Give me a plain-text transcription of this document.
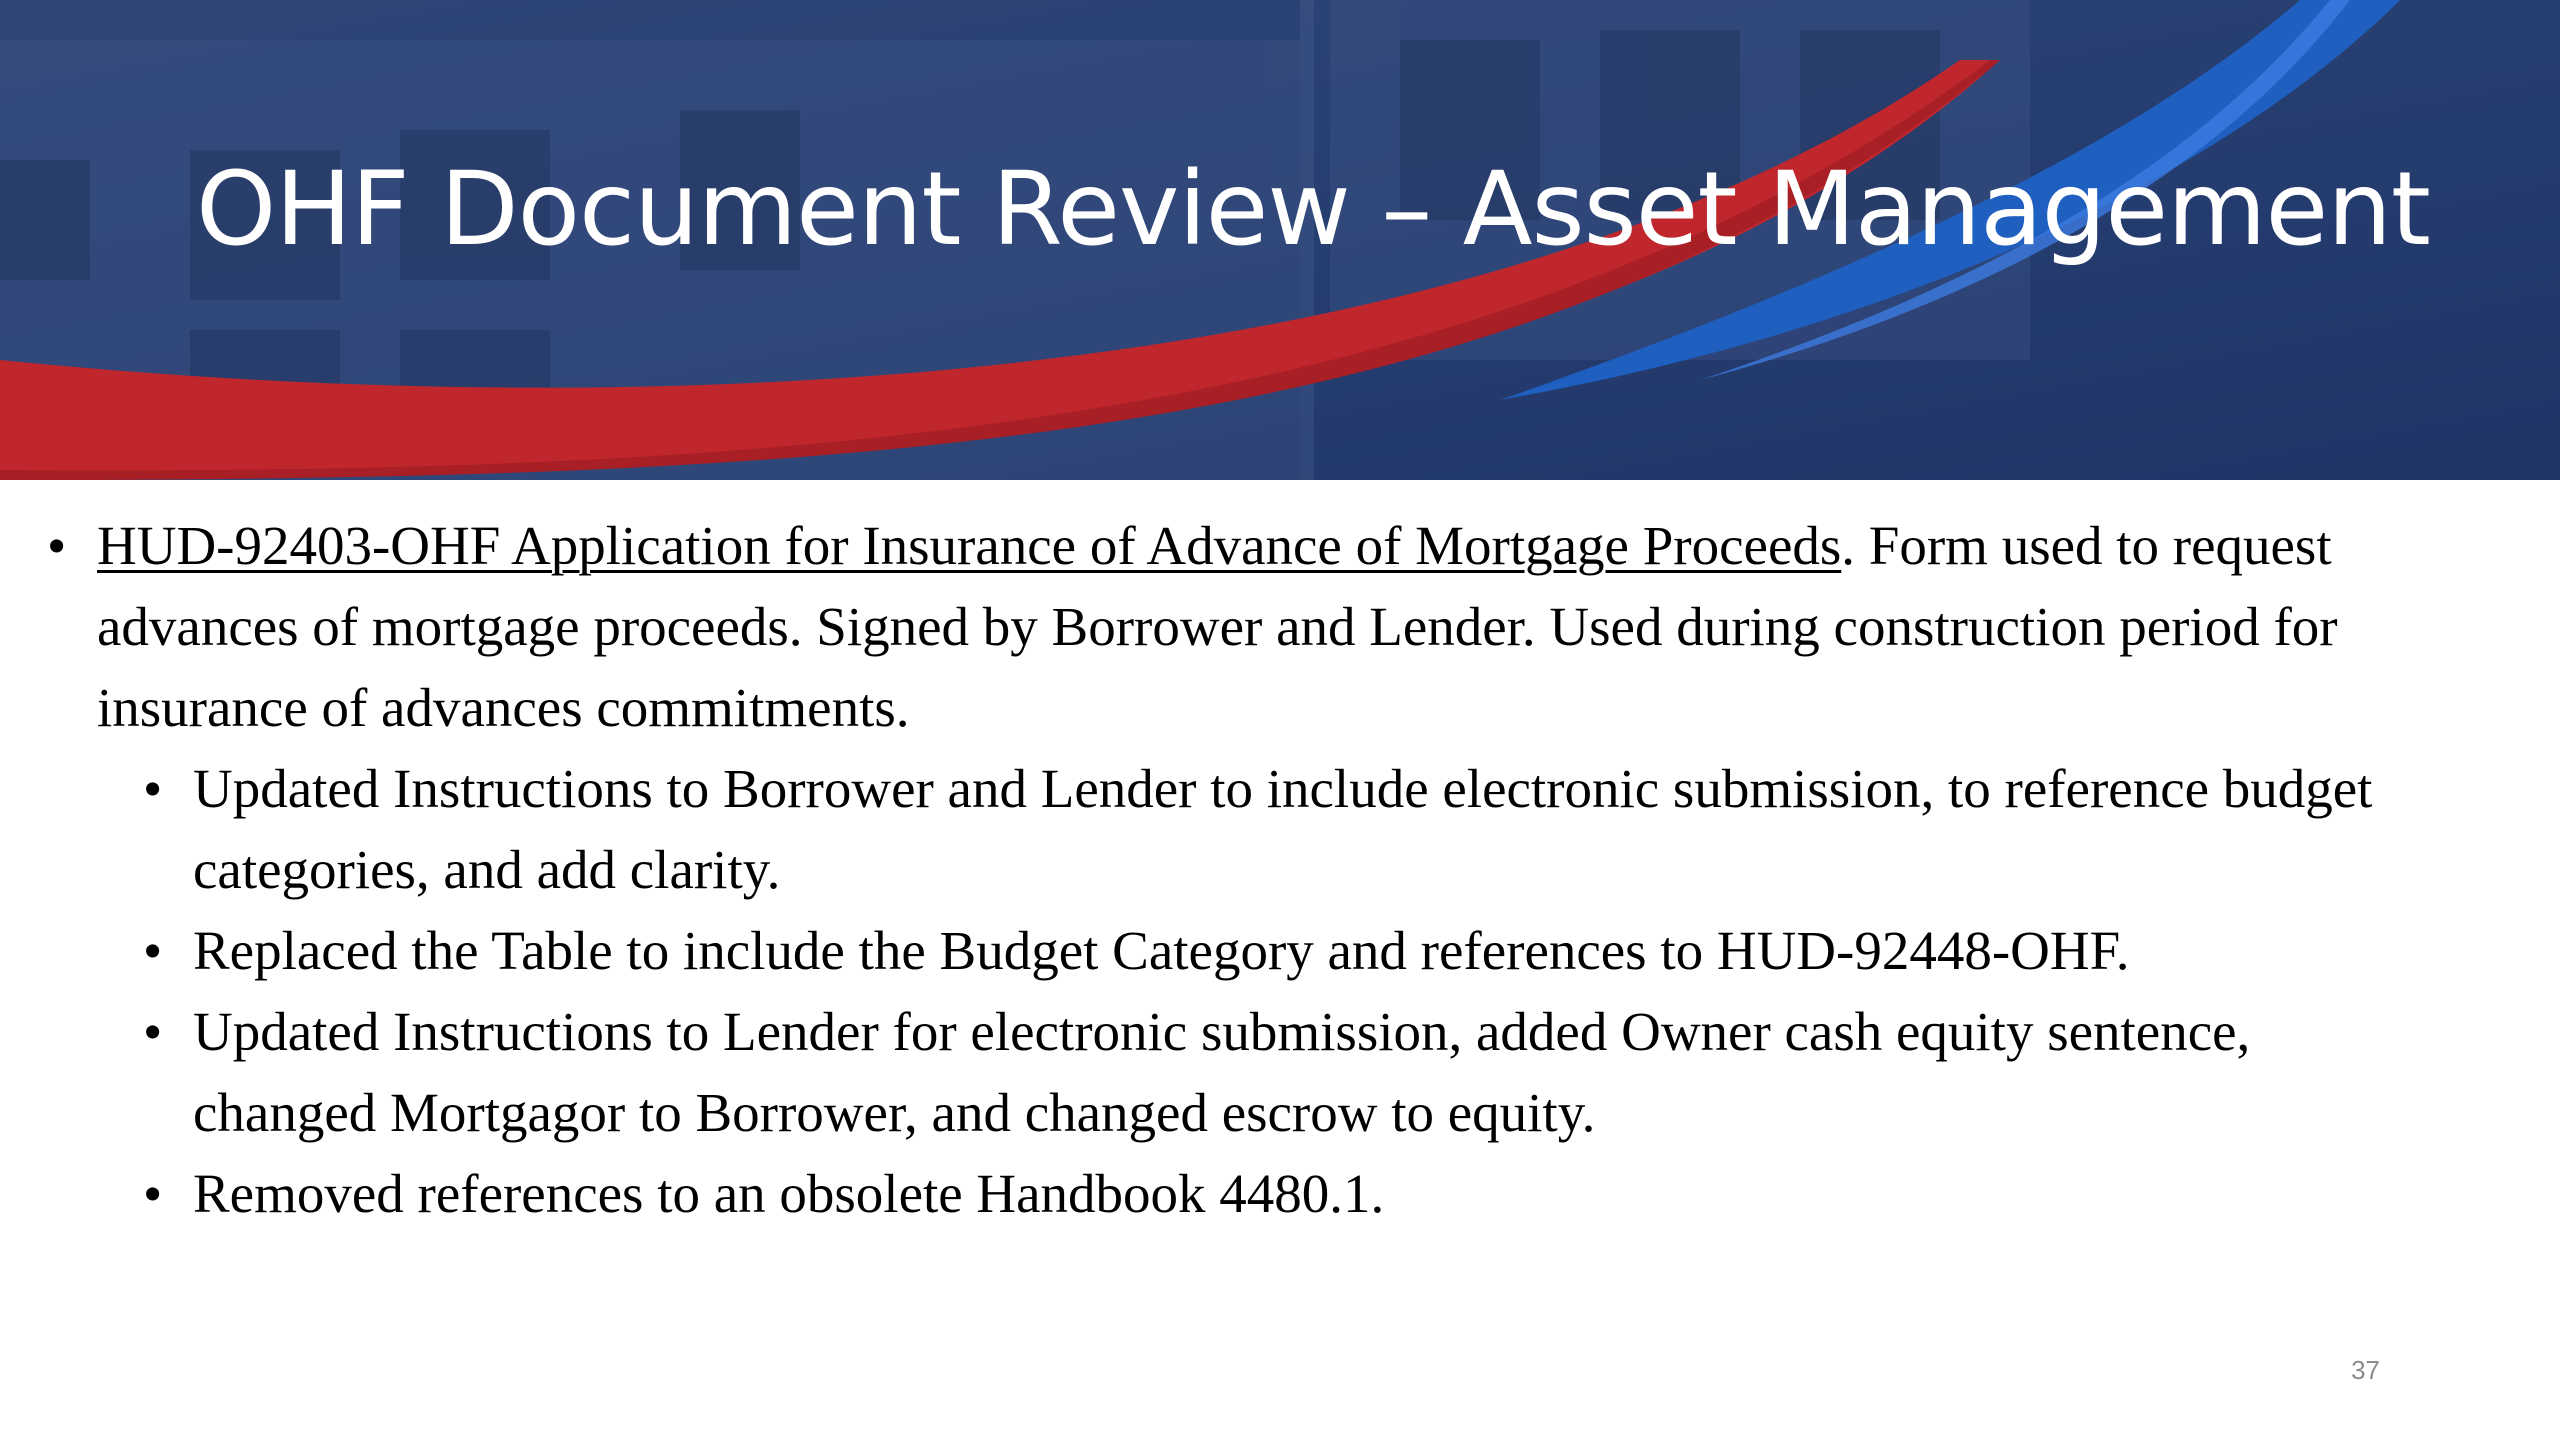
OHF Document Review – Asset Management
• HUD-92403-OHF Application for Insurance of Advance of Mortgage Proceeds. Form used to request advances of mortgage proceeds. Signed by Borrower and Lender. Used during construction period for insurance of advances commitments.
• Updated Instructions to Borrower and Lender to include electronic submission, to reference budget categories, and add clarity.
• Replaced the Table to include the Budget Category and references to HUD-92448-OHF.
• Updated Instructions to Lender for electronic submission, added Owner cash equity sentence, changed Mortgagor to Borrower, and changed escrow to equity.
• Removed references to an obsolete Handbook 4480.1.
37
